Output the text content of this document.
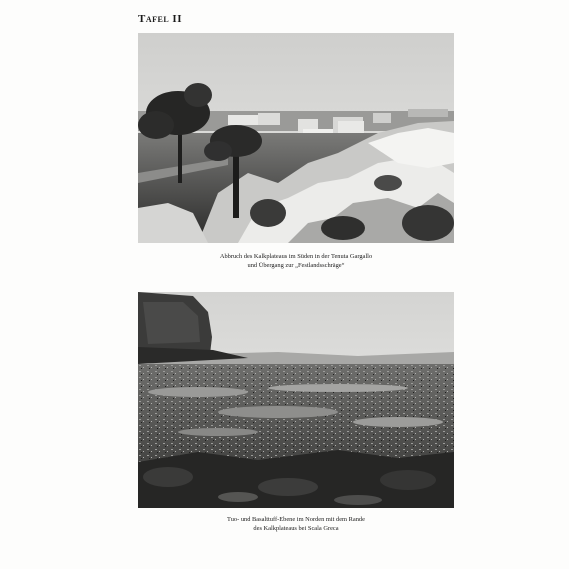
Tafel II
Abbruch des Kalkplateaus im Süden in der Tenuta Gargallo
und Übergang zur „Festlandsschräge“
Tuo- und Basalttuff-Ebene im Norden mit dem Rande
des Kalkplateaus bei Scala Greca
